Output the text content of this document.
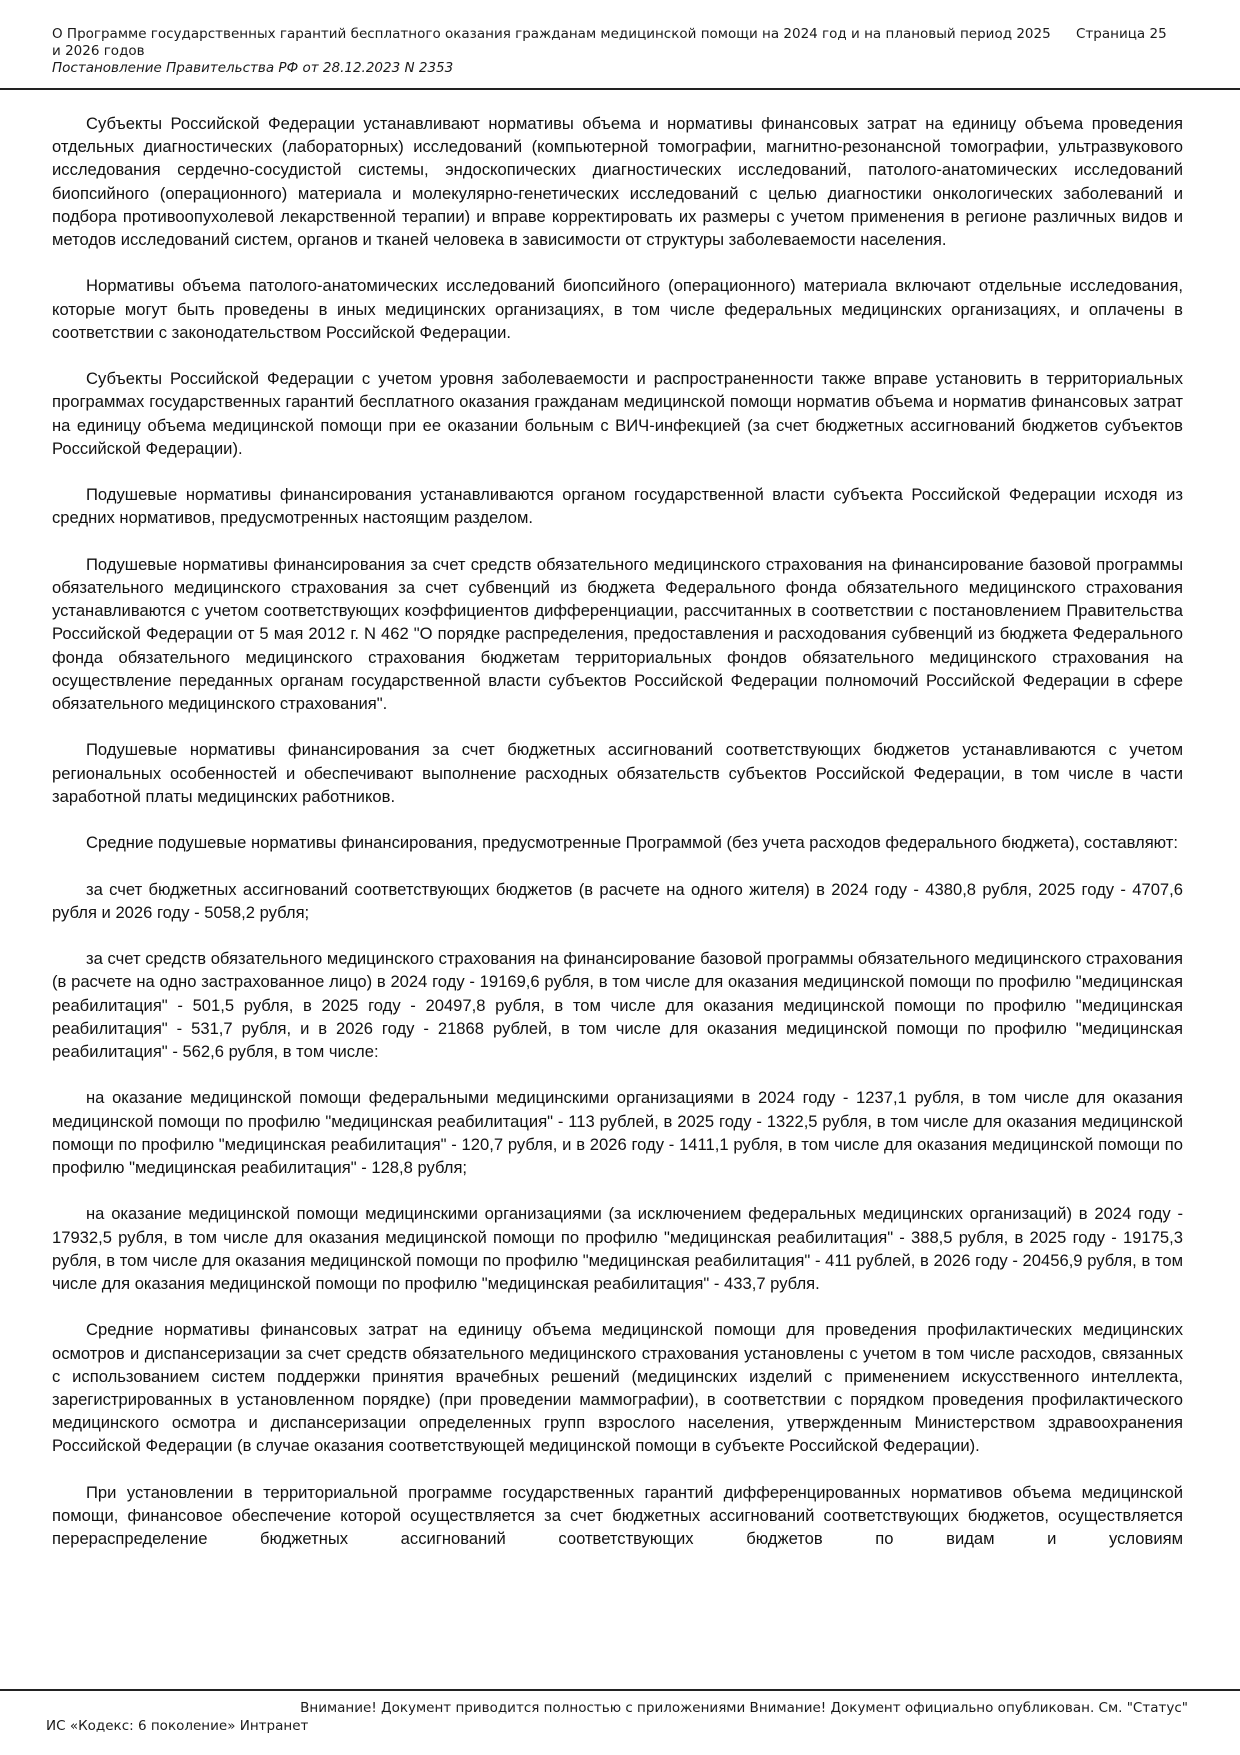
О Программе государственных гарантий бесплатного оказания гражданам медицинской помощи на 2024 год и на плановый период 2025 и 2026 годов
Постановление Правительства РФ от 28.12.2023 N 2353
Страница 25

Субъекты Российской Федерации устанавливают нормативы объема и нормативы финансовых затрат на единицу объема проведения отдельных диагностических (лабораторных) исследований (компьютерной томографии, магнитно-резонансной томографии, ультразвукового исследования сердечно-сосудистой системы, эндоскопических диагностических исследований, патолого-анатомических исследований биопсийного (операционного) материала и молекулярно-генетических исследований с целью диагностики онкологических заболеваний и подбора противоопухолевой лекарственной терапии) и вправе корректировать их размеры с учетом применения в регионе различных видов и методов исследований систем, органов и тканей человека в зависимости от структуры заболеваемости населения.

Нормативы объема патолого-анатомических исследований биопсийного (операционного) материала включают отдельные исследования, которые могут быть проведены в иных медицинских организациях, в том числе федеральных медицинских организациях, и оплачены в соответствии с законодательством Российской Федерации.

Субъекты Российской Федерации с учетом уровня заболеваемости и распространенности также вправе установить в территориальных программах государственных гарантий бесплатного оказания гражданам медицинской помощи норматив объема и норматив финансовых затрат на единицу объема медицинской помощи при ее оказании больным с ВИЧ-инфекцией (за счет бюджетных ассигнований бюджетов субъектов Российской Федерации).

Подушевые нормативы финансирования устанавливаются органом государственной власти субъекта Российской Федерации исходя из средних нормативов, предусмотренных настоящим разделом.

Подушевые нормативы финансирования за счет средств обязательного медицинского страхования на финансирование базовой программы обязательного медицинского страхования за счет субвенций из бюджета Федерального фонда обязательного медицинского страхования устанавливаются с учетом соответствующих коэффициентов дифференциации, рассчитанных в соответствии с постановлением Правительства Российской Федерации от 5 мая 2012 г. N 462 "О порядке распределения, предоставления и расходования субвенций из бюджета Федерального фонда обязательного медицинского страхования бюджетам территориальных фондов обязательного медицинского страхования на осуществление переданных органам государственной власти субъектов Российской Федерации полномочий Российской Федерации в сфере обязательного медицинского страхования".

Подушевые нормативы финансирования за счет бюджетных ассигнований соответствующих бюджетов устанавливаются с учетом региональных особенностей и обеспечивают выполнение расходных обязательств субъектов Российской Федерации, в том числе в части заработной платы медицинских работников.

Средние подушевые нормативы финансирования, предусмотренные Программой (без учета расходов федерального бюджета), составляют:

за счет бюджетных ассигнований соответствующих бюджетов (в расчете на одного жителя) в 2024 году - 4380,8 рубля, 2025 году - 4707,6 рубля и 2026 году - 5058,2 рубля;

за счет средств обязательного медицинского страхования на финансирование базовой программы обязательного медицинского страхования (в расчете на одно застрахованное лицо) в 2024 году - 19169,6 рубля, в том числе для оказания медицинской помощи по профилю "медицинская реабилитация" - 501,5 рубля, в 2025 году - 20497,8 рубля, в том числе для оказания медицинской помощи по профилю "медицинская реабилитация" - 531,7 рубля, и в 2026 году - 21868 рублей, в том числе для оказания медицинской помощи по профилю "медицинская реабилитация" - 562,6 рубля, в том числе:

на оказание медицинской помощи федеральными медицинскими организациями в 2024 году - 1237,1 рубля, в том числе для оказания медицинской помощи по профилю "медицинская реабилитация" - 113 рублей, в 2025 году - 1322,5 рубля, в том числе для оказания медицинской помощи по профилю "медицинская реабилитация" - 120,7 рубля, и в 2026 году - 1411,1 рубля, в том числе для оказания медицинской помощи по профилю "медицинская реабилитация" - 128,8 рубля;

на оказание медицинской помощи медицинскими организациями (за исключением федеральных медицинских организаций) в 2024 году - 17932,5 рубля, в том числе для оказания медицинской помощи по профилю "медицинская реабилитация" - 388,5 рубля, в 2025 году - 19175,3 рубля, в том числе для оказания медицинской помощи по профилю "медицинская реабилитация" - 411 рублей, в 2026 году - 20456,9 рубля, в том числе для оказания медицинской помощи по профилю "медицинская реабилитация" - 433,7 рубля.

Средние нормативы финансовых затрат на единицу объема медицинской помощи для проведения профилактических медицинских осмотров и диспансеризации за счет средств обязательного медицинского страхования установлены с учетом в том числе расходов, связанных с использованием систем поддержки принятия врачебных решений (медицинских изделий с применением искусственного интеллекта, зарегистрированных в установленном порядке) (при проведении маммографии), в соответствии с порядком проведения профилактического медицинского осмотра и диспансеризации определенных групп взрослого населения, утвержденным Министерством здравоохранения Российской Федерации (в случае оказания соответствующей медицинской помощи в субъекте Российской Федерации).

При установлении в территориальной программе государственных гарантий дифференцированных нормативов объема медицинской помощи, финансовое обеспечение которой осуществляется за счет бюджетных ассигнований соответствующих бюджетов, осуществляется перераспределение бюджетных ассигнований соответствующих бюджетов по видам и условиям

Внимание! Документ приводится полностью с приложениями Внимание! Документ официально опубликован. См. "Статус"
ИС «Кодекс: 6 поколение» Интранет
